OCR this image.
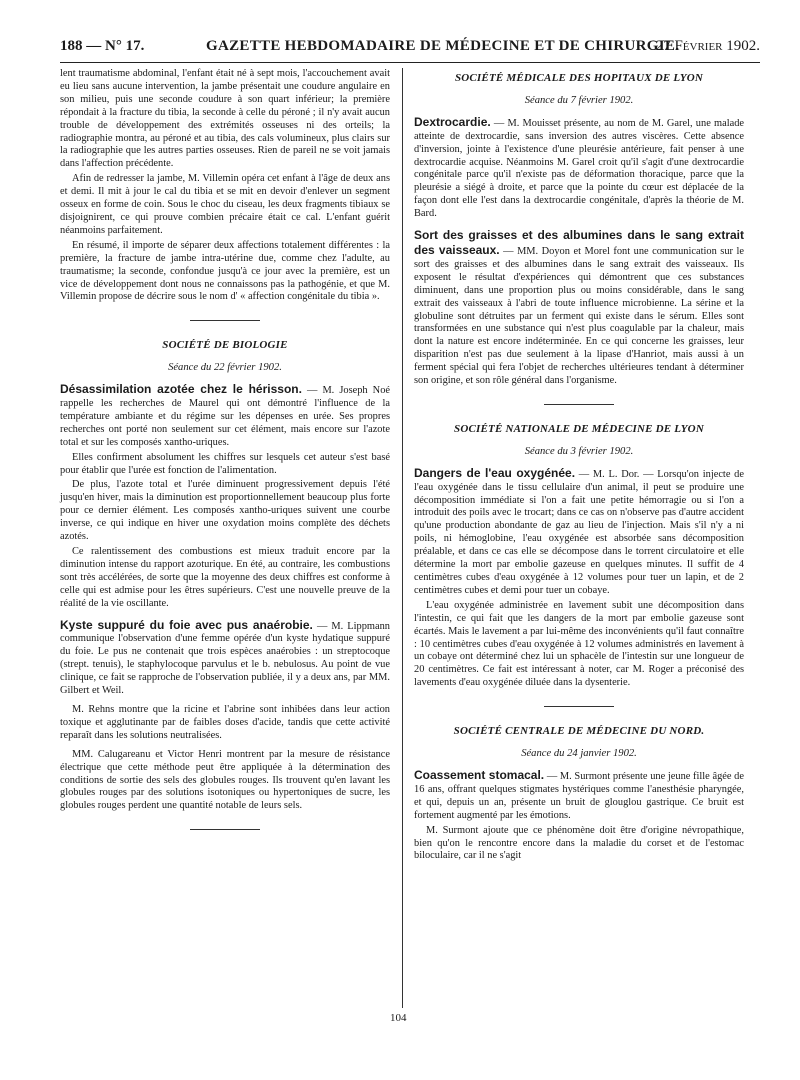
188 — N° 17.	GAZETTE HEBDOMADAIRE DE MÉDECINE ET DE CHIRURGIE.
27 Février 1902.

lent traumatisme abdominal, l'enfant était né à sept mois, l'accouchement avait eu lieu sans aucune intervention, la jambe présentait une coudure angulaire en son milieu, puis une seconde coudure à son quart inférieur; la première répondait à la fracture du tibia, la seconde à celle du péroné ; il n'y avait aucun trouble de développement des extrémités osseuses ni des orteils; la radiographie montra, au péroné et au tibia, des cals volumineux, plus clairs sur la radiographie que les autres parties osseuses. Rien de pareil ne se voit jamais dans l'affection précédente.

Afin de redresser la jambe, M. Villemin opéra cet enfant à l'âge de deux ans et demi. Il mit à jour le cal du tibia et se mit en devoir d'enlever un segment osseux en forme de coin. Sous le choc du ciseau, les deux fragments tibiaux se disjoignirent, ce qui prouve combien précaire était ce cal. L'enfant guérit néanmoins parfaitement.

En résumé, il importe de séparer deux affections totalement différentes : la première, la fracture de jambe intra-utérine due, comme chez l'adulte, au traumatisme; la seconde, confondue jusqu'à ce jour avec la première, est un vice de développement dont nous ne connaissons pas la pathogénie, et que M. Villemin propose de décrire sous le nom d' « affection congénitale du tibia ».

SOCIÉTÉ DE BIOLOGIE
Séance du 22 février 1902.

Désassimilation azotée chez le hérisson. — M. Joseph Noé rappelle les recherches de Maurel qui ont démontré l'influence de la température ambiante et du régime sur les dépenses en urée. Ses propres recherches ont porté non seulement sur cet élément, mais encore sur l'azote total et sur les composés xantho-uriques.

Elles confirment absolument les chiffres sur lesquels cet auteur s'est basé pour établir que l'urée est fonction de l'alimentation.

De plus, l'azote total et l'urée diminuent progressivement depuis l'été jusqu'en hiver, mais la diminution est proportionnellement beaucoup plus forte pour ce dernier élément. Les composés xantho-uriques suivent une courbe inverse, ce qui indique en hiver une oxydation moins complète des déchets azotés.

Ce ralentissement des combustions est mieux traduit encore par la diminution intense du rapport azoturique. En été, au contraire, les combustions sont très accélérées, de sorte que la moyenne des deux chiffres est conforme à celle qui est admise pour les êtres supérieurs. C'est une nouvelle preuve de la réalité de la vie oscillante.

Kyste suppuré du foie avec pus anaérobie. — M. Lippmann communique l'observation d'une femme opérée d'un kyste hydatique suppuré du foie. Le pus ne contenait que trois espèces anaérobies : un streptocoque (strept. tenuis), le staphylocoque parvulus et le b. nebulosus. Au point de vue clinique, ce fait se rapproche de l'observation publiée, il y a deux ans, par MM. Gilbert et Weil.

M. Rehns montre que la ricine et l'abrine sont inhibées dans leur action toxique et agglutinante par de faibles doses d'acide, tandis que cette activité reparaît dans les solutions neutralisées.

MM. Calugareanu et Victor Henri montrent par la mesure de résistance électrique que cette méthode peut être appliquée à la détermination des conditions de sortie des sels des globules rouges. Ils trouvent qu'en lavant les globules rouges par des solutions isotoniques ou hypertoniques de sucre, les globules rouges perdent une quantité notable de leurs sels.

SOCIÉTÉ MÉDICALE DES HOPITAUX DE LYON
Séance du 7 février 1902.

Dextrocardie. — M. Mouisset présente, au nom de M. Garel, une malade atteinte de dextrocardie, sans inversion des autres viscères. Cette absence d'inversion, jointe à l'existence d'une pleurésie antérieure, fait penser à une dextrocardie acquise. Néanmoins M. Garel croit qu'il s'agit d'une dextrocardie congénitale parce qu'il n'existe pas de déformation thoracique, parce que la pleurésie a siégé à droite, et parce que la pointe du cœur est déplacée de la façon dont elle l'est dans la dextrocardie congénitale, d'après la théorie de M. Bard.

Sort des graisses et des albumines dans le sang extrait des vaisseaux. — MM. Doyon et Morel font une communication sur le sort des graisses et des albumines dans le sang extrait des vaisseaux. Ils exposent le résultat d'expériences qui démontrent que ces substances diminuent, dans une proportion plus ou moins considérable, dans le sang extrait des vaisseaux à l'abri de toute influence microbienne. La sérine et la globuline sont détruites par un ferment qui existe dans le sérum. Elles sont transformées en une substance qui n'est plus coagulable par la chaleur, mais dont la nature est encore indéterminée. En ce qui concerne les graisses, leur disparition n'est pas due seulement à la lipase d'Hanriot, mais aussi à un ferment spécial qui fera l'objet de recherches ultérieures tendant à déterminer son origine, et son rôle général dans l'organisme.

SOCIÉTÉ NATIONALE DE MÉDECINE DE LYON
Séance du 3 février 1902.

Dangers de l'eau oxygénée. — M. L. Dor. — Lorsqu'on injecte de l'eau oxygénée dans le tissu cellulaire d'un animal, il peut se produire une décomposition immédiate si l'on a fait une petite hémorragie ou si l'on a introduit des poils avec le trocart; dans ce cas on n'observe pas d'autre accident qu'une production abondante de gaz au lieu de l'injection. Mais s'il n'y a ni poils, ni hémoglobine, l'eau oxygénée est absorbée sans décomposition préalable, et dans ce cas elle se décompose dans le torrent circulatoire et elle détermine la mort par embolie gazeuse en quelques minutes. Il suffit de 4 centimètres cubes d'eau oxygénée à 12 volumes pour tuer un lapin, et de 2 centimètres cubes et demi pour tuer un cobaye.

L'eau oxygénée administrée en lavement subit une décomposition dans l'intestin, ce qui fait que les dangers de la mort par embolie gazeuse sont écartés. Mais le lavement a par lui-même des inconvénients qu'il faut connaître : 10 centimètres cubes d'eau oxygénée à 12 volumes administrés en lavement à un cobaye ont déterminé chez lui un sphacèle de l'intestin sur une longueur de 20 centimètres. Ce fait est intéressant à noter, car M. Roger a préconisé des lavements d'eau oxygénée diluée dans la dysenterie.

SOCIÉTÉ CENTRALE DE MÉDECINE DU NORD.
Séance du 24 janvier 1902.

Coassement stomacal. — M. Surmont présente une jeune fille âgée de 16 ans, offrant quelques stigmates hystériques comme l'anesthésie pharyngée, et qui, depuis un an, présente un bruit de glouglou gastrique. Ce bruit est fortement augmenté par les émotions.

M. Surmont ajoute que ce phénomène doit être d'origine névropathique, bien qu'on le rencontre encore dans la maladie du corset et de l'estomac biloculaire, car il ne s'agit

104
